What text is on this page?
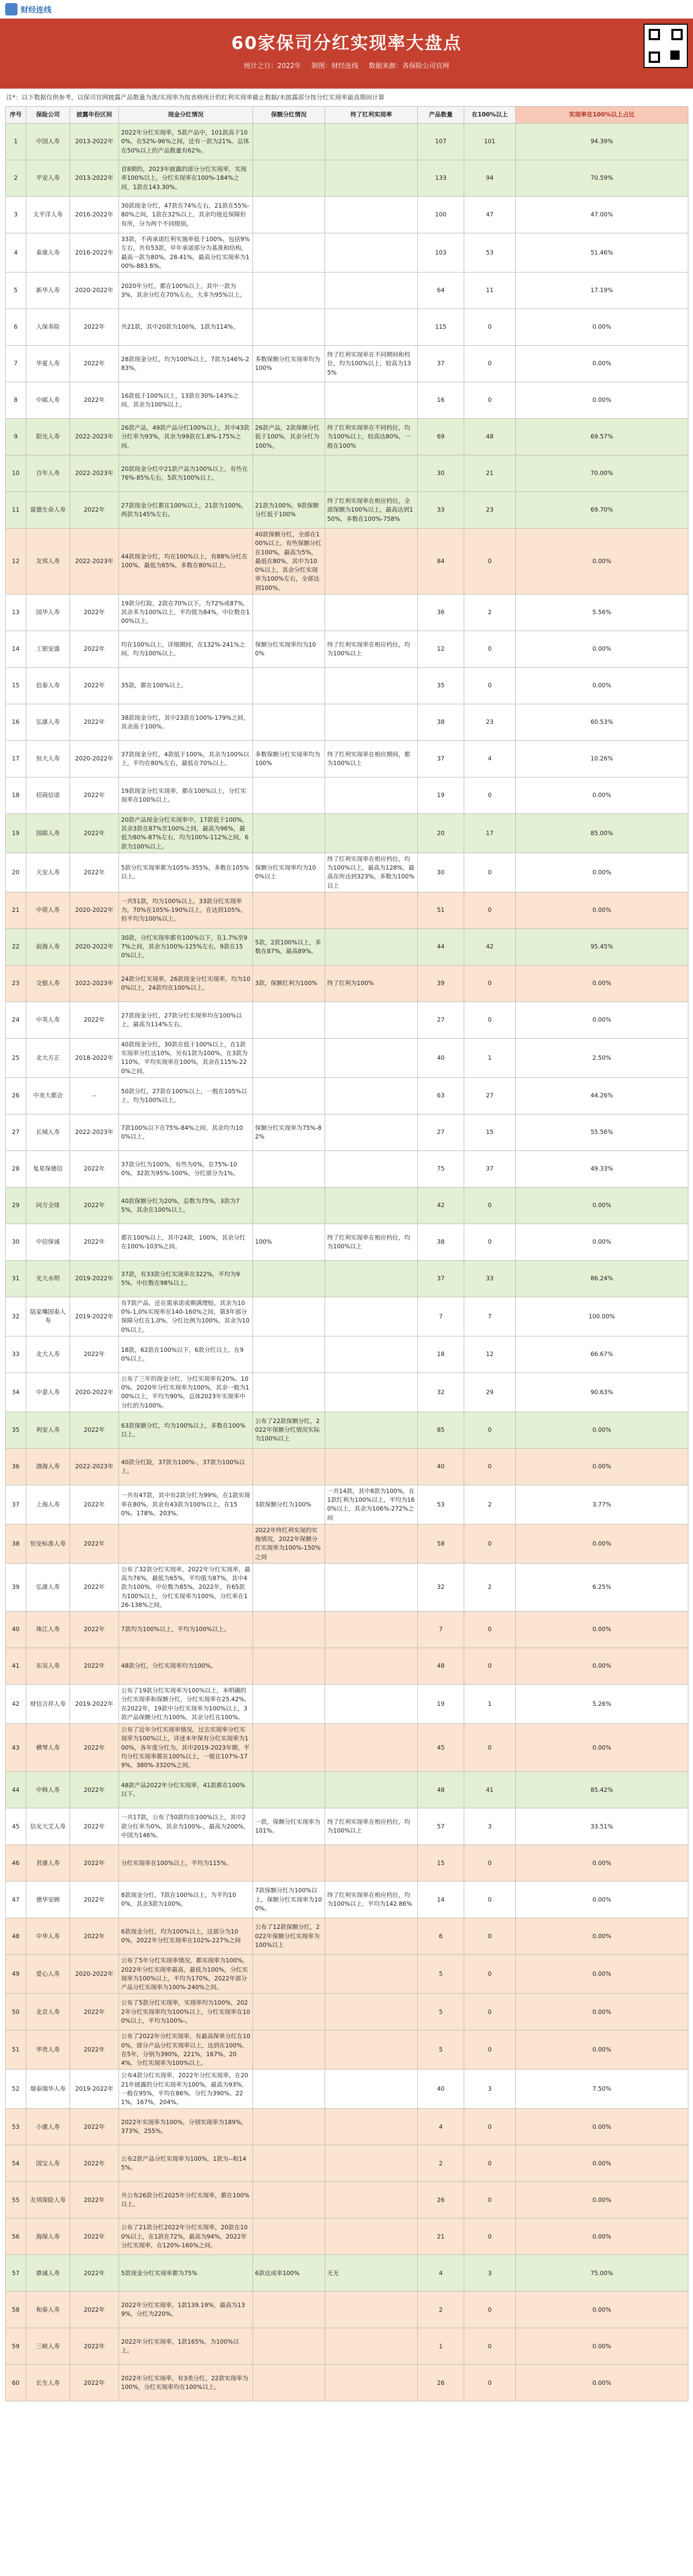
财经连线
60家保司分红实现率大盘点
统计之日：2022年 制图：财经连线 数据来源：各保险公司官网
注*：以下数据仅供参考，以保司官网披露产品数量为准/实现率为按表格统计的红利实现率截止数据/未披露部分按分红实现率最高期间计算
序号	保险公司	披露年份区间	现金分红情况	保额分红情况	终了红利实现率	产品数量	在100%以上	实现率在100%以上占比
1	中国人寿	2013-2022年	2022年分红实现率，5款产品中，101款高于100%，在52%-96%之间，还有一款为21%。总体在50%以上的产品数量有62%。			107	101	94.39%
2	平安人寿	2013-2022年	首8期的，2023年披露的部分分红实现率，实现率100%以上，分红实现率在100%-184%之间，1款在143.30%。			133	94	70.59%
3	太平洋人寿	2016-2022年	30款现金分红，47款在74%左右，21款在55%-80%之间，1款在32%以上，其余均接近保障但有所，分为两个不同级别。			100	47	47.00%
4	泰康人寿	2016-2022年	33款，不再承诺红利实施率低于100%，包括9%左右，共有53款，早年承诺部分为基准和结构，最高一款为80%，28.41%，最高分红实现率为100%-883.6%。			103	53	51.46%
5	新华人寿	2020-2022年	2020年分红，都在100%以上，其中一款为3%，其余分红在70%左右，大多为95%以上。			64	11	17.19%
6	人保寿险	2022年	共21款，其中20款为100%，1款为114%。			115	0	0.00%
7	华夏人寿	2022年	28款现金分红，均为100%以上，7款为146%-283%。	多数保额分红实现率均为100%	终了红利实现率在不同期间和档位，均为100%以上，较高为135%	37	0	0.00%
8	中邮人寿	2022年	16款低于100%以上，13款在30%-143%之间，其余为100%以上。			16	0	0.00%
9	阳光人寿	2022-2023年	26款产品，49款产品分红100%以上，其中43款分红率为93%，其余为99款在1.8%-175%之间。	26款产品，2款保额分红低于100%，其余分红为100%。	终了红利实现率在不同档位，均为100%以上，较高达80%，一般在100%	69	48	69.57%
10	百年人寿	2022-2023年	20款现金分红中21款产品为100%以上，有些在76%-85%左右，5款为100%以上。			30	21	70.00%
11	富德生命人寿	2022年	27款现金分红都在100%以上，21款为100%，两款为145%左右。	21款为100%，9款保额分红低于100%	终了红利实现率在相应档位，全部保额为100%以上，最高达到150%，多数在100%-758%	33	23	69.70%
12	友邦人寿	2022-2023年	44款现金分红，均在100%以上，有88%分红在100%，最低为65%，多数在80%以上。	40款保额分红，全部在100%以上，有些保额分红在100%，最高为5%，最低在80%，其中为100%以上，其余分红实现率为100%左右，全部达到100%。		84	0	0.00%
13	国华人寿	2022年	19款分红险，2款在70%以下，为72%或87%，其余多为100%以上，平均值为84%，中位数在100%以上。			36	2	5.56%
14	工银安盛	2022年	均在100%以上，详细期间，在132%-241%之间，均为100%以上。	保额分红实现率均为100%	终了红利实现率在相应档位，均为100%以上	12	0	0.00%
15	信泰人寿	2022年	35款，都在100%以上。			35	0	0.00%
16	弘康人寿	2022年	38款现金分红，其中23款在100%-179%之间，其余高于100%。			38	23	60.53%
17	恒大人寿	2020-2022年	37款现金分红，4款低于100%，其余为100%以上，平均在80%左右，最低在70%以上。	多数保额分红实现率均为100%	终了红利实现率在相应期间，都为100%以上	37	4	10.26%
18	招商信诺	2022年	19款现金分红实现率，都在100%以上，分红实现率在100%以上。			19	0	0.00%
19	国联人寿	2022年	20款产品现金分红实现率中，17款低于100%，其余3款在87%至100%之间，最高为96%，最低为80%-87%左右，均为100%-112%之间，6款为100%以上。			20	17	85.00%
20	天安人寿	2022年	5款分红实现率都为105%-355%，多数在105%以上。	保额分红实现率均为100%以上	终了红利实现率在相应档位，均为100%以上，最高为128%，最高在所达到323%。多数为100%以上	30	0	0.00%
21	中荷人寿	2020-2022年	一共51款，均为100%以上，33款分红实现率为，70%在105%-190%以上，在达到105%，但平均为100%以上。			51	0	0.00%
22	前海人寿	2020-2022年	30款，分红实现率都有100%以下，在1.7%至97%之间，其余为100%-125%左右，9款在150%以上。	5款，2款100%以上，多数在87%，最高89%。		44	42	95.45%
23	交银人寿	2022-2023年	24款分红实现率，26款现金分红实现率，均为100%以上，24款均在100%以上。	3款，保额红利为100%	终了红利为100%	39	0	0.00%
24	中英人寿	2022年	27款现金分红，27款分红实现率均在100%以上，最高为114%左右。			27	0	0.00%
25	北大方正	2018-2022年	40款现金分红，30款在低于100%以上，在1款实现率分红达10%，另有1款为100%，在3款为110%，平均实现率在100%，其余在115%-220%之间。			40	1	2.50%
26	中美大都会	--	50款分红，27款在100%以上，一般在105%以上，均为100%以上。			63	27	44.26%
27	长城人寿	2022-2023年	7款100%以下在75%-84%之间，其余均为100%以上。	保额分红实现率为75%-82%		27	15	55.56%
28	复星保德信	2022年	37款分红为100%，有些为0%，在75%-100%，32款为95%-100%，分红部分为1%。			75	37	49.33%
29	同方全球	2022年	40款保额分红为20%，总数为75%，3款为75%，其余在100%以上。			42	0	0.00%
30	中信保诚	2022年	都在100%以上，其中24款，100%，其余分红在100%-103%之间。	100%	终了红利实现率在相应档位，均为100%以上	38	0	0.00%
31	光大永明	2019-2022年	37款，有33款分红实现率在322%，平均为95%，中位数在98%以上。			37	33	86.24%
32	陆家嘴国泰人寿	2019-2022年	有7款产品，还在需承诺或期满理赔，其余为100%-1,0%实现率在140-160%之间，第3年部分保障分红在1,0%，分红比例为100%，其余为100%以上。			7	7	100.00%
33	北大人寿	2022年	18款，62款在100%以下，6款分红以上，在90%以上。			18	12	66.67%
34	中意人寿	2020-2022年	公布了三年的现金分红，分红实现率有20%、100%。2020年分红实现率为100%，其余一般为100%以上，平均为90%，总体2023年实现率中分红的为100%。			32	29	90.63%
35	利安人寿	2022年	63款保额分红，均为100%以上，多数在100%以上。	公布了22款保额分红，2022年保额分红情况实际为100%以上		85	0	0.00%
36	渤海人寿	2022-2023年	40款分红险，37款为100%-，37款为100%以上。			40	0	0.00%
37	上海人寿	2022年	一共有47款，其中有2款分红为99%，在1款实现率在80%，其余有43款为100%以上，在150%、178%、203%。	3款保额分红为100%	一共14款，其中8款为100%，在1款红利为100%以上，平均为160%以上，其余为106%-272%之间	53	2	3.77%
38	恒安标准人寿	2022年		2022年终红利实现的实施情况，2022年保额分红实现率为100%-150%之间		58	0	0.00%
39	弘康人寿	2022年	公布了32款分红实现率，2022年分红实现率，最高为76%，最低为65%，平均值为87%，其中4款为100%，中位数为85%，2022年，有65款为100%以上，分红实现率为100%，分红率在126-138%之间。			32	2	6.25%
40	珠江人寿	2022年	7款均为100%以上，平均为100%以上。			7	0	0.00%
41	东吴人寿	2022年	48款分红，分红实现率均为100%。			48	0	0.00%
42	财信吉祥人寿	2019-2022年	公布了19款分红实现率为100%以上，本明确的分红实现率和保额分红，分红实现率在25.42%，在2022年，19款中分红实现率为100%以上，3款产品保额分红为100%，其余分红在100%。			19	1	5.26%
43	横琴人寿	2022年	公布了近年分红实现率情况，过去实现率分红实现率为100%以上，详述本年保有分红实现率为100%，各年度分红为。其中2019-2023年期，平均分红实现率都在100%以上，一般在107%-179%，380%-3320%之间。			45	0	0.00%
44	中韩人寿	2022年	48款产品2022年分红实现率，41款都在100%以下。			48	41	85.42%
45	信光大艾人寿	2022年	一共17款，公布了50款均在100%以上，其中2款分红率为0%，其余为100%-，最高为200%，中国为146%。	一款，保额分红实现率为101%。	终了红利实现率在相应档位，均为100%以上	57	3	33.51%
46	君康人寿	2022年	分红实现率在100%以上，平均为115%。			15	0	0.00%
47	德华安顾	2022年	8款现金分红，7款在100%以上，为平均100%，其余3款为100%。	7款保额分红为100%以上，保额分红实现率为100%。	终了红利实现率在相应档位，均为100%以上，平均为142.86%	14	0	0.00%
48	中华人寿	2022年	6款现金分红，均为100%以上，这部分为100%，2022年分红实现率在102%-227%之间	公布了12款保额分红，2022年保额分红实现率为100%以上		6	0	0.00%
49	爱心人寿	2020-2022年	公布了5年分红实现率情况，都实现率为100%，2022年分红实现率最高，最低为100%，分红实现率为100%以上，平均为170%，2022年部分产品分红实现率为100%-240%之间。			5	0	0.00%
50	北京人寿	2022年	公布了5款分红实现率，实现率均为100%，2022年分红实现率均为100%以上，分红实现率在100%以上，平均为100%-。			5	0	0.00%
51	华贵人寿	2022年	公布了2022年分红实现率，有最高保单分红在100%，部分产品分红实现率以上，达到在100%，在5年，分别为390%，221%，167%，204%，分红实现率为100%以上。			5	0	0.00%
52	瑞泰瑞华人寿	2019-2022年	公布4款分红实现率，2022年分红实现率，在2021年披露的分红实现率为100%，最高为93%，一般在95%，平均在86%，分红为390%、221%，167%，204%。			40	3	7.50%
53	小康人寿	2022年	2022年实现率为100%，分别实现率为189%，373%，255%。			4	0	0.00%
54	国宝人寿	2022年	公布2款产品分红实现率为100%，1款为--和145%。			2	0	0.00%
55	友邦保险人寿	2022年	共公布26款分红2025年分红实现率，都在100%以上。			26	0	0.00%
56	海保人寿	2022年	公布了21款分红2022年分红实现率，20款在100%以上，在1款在72%，最高为94%，2022年分红实现率，在120%-160%之间。			21	0	0.00%
57	鼎诚人寿	2022年	5款现金分红实现率都为75%	6款达成率100%	无无	4	3	75.00%
58	和泰人寿	2022年	2022年分红实现率，1款139.19%，最高为139%，分红为220%。			2	0	0.00%
59	三峡人寿	2022年	2022年分红实现率，1款165%，为100%以上。			1	0	0.00%
60	长生人寿	2022年	2022年分红实现率，有3类分红，22款实现率为100%，分红实现率均在100%以上。			26	0	0.00%
